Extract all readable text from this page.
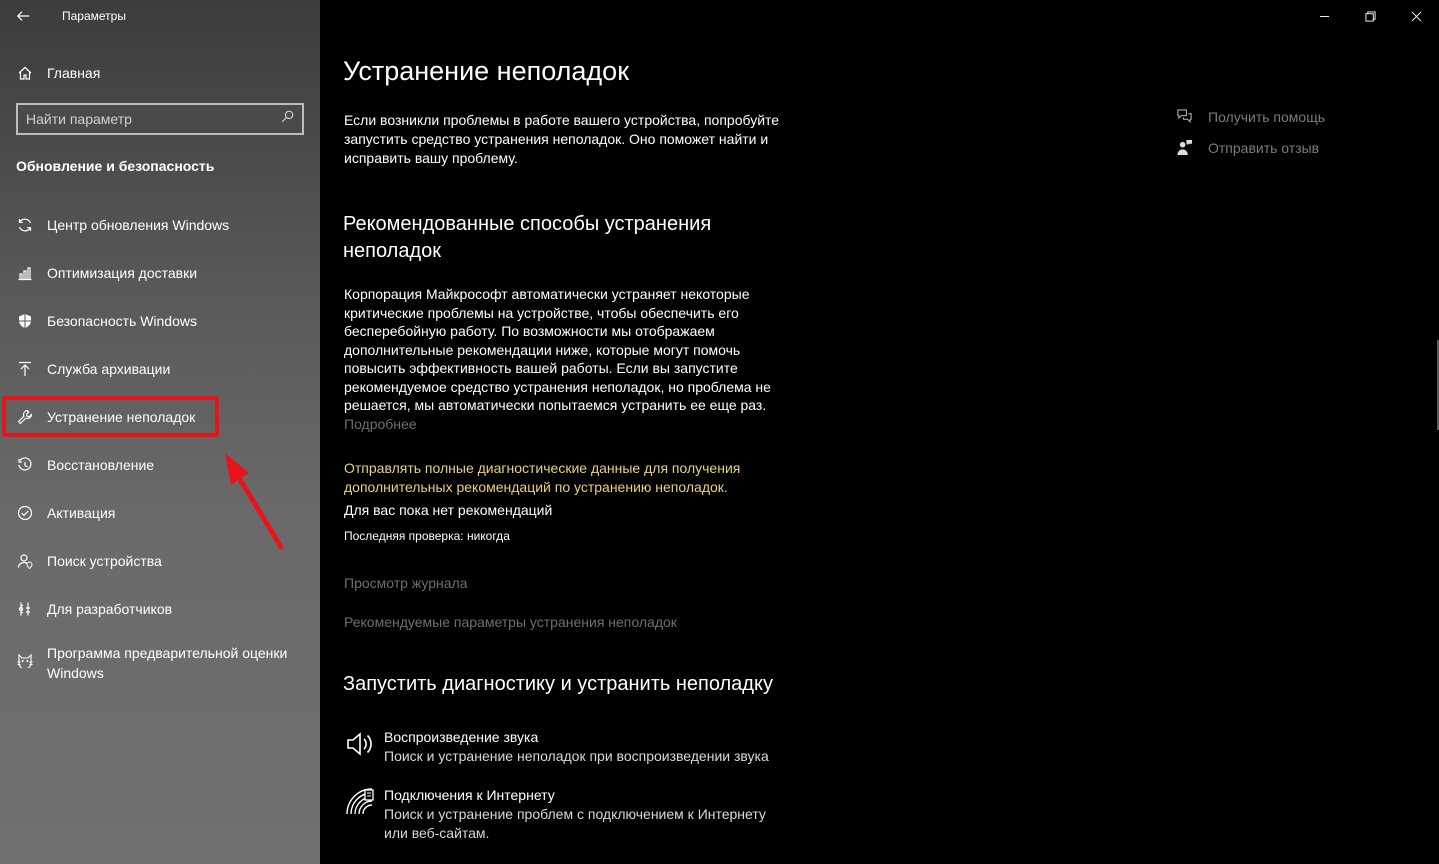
Параметры
Главная
Найти параметр
Обновление и безопасность
Центр обновления Windows
Оптимизация доставки
Безопасность Windows
Служба архивации
Устранение неполадок
Восстановление
Активация
Поиск устройства
Для разработчиков
Программа предварительной оценки Windows
Устранение неполадок

Если возникли проблемы в работе вашего устройства, попробуйте запустить средство устранения неполадок. Оно поможет найти и исправить вашу проблему.

Рекомендованные способы устранения неполадок

Корпорация Майкрософт автоматически устраняет некоторые критические проблемы на устройстве, чтобы обеспечить его бесперебойную работу. По возможности мы отображаем дополнительные рекомендации ниже, которые могут помочь повысить эффективность вашей работы. Если вы запустите рекомендуемое средство устранения неполадок, но проблема не решается, мы автоматически попытаемся устранить ее еще раз.

Подробнее
Отправлять полные диагностические данные для получения дополнительных рекомендаций по устранению неполадок.
Для вас пока нет рекомендаций
Последняя проверка: никогда
Просмотр журнала
Рекомендуемые параметры устранения неполадок
Запустить диагностику и устранить неполадку
Воспроизведение звука
Поиск и устранение неполадок при воспроизведении звука
Подключения к Интернету
Поиск и устранение проблем с подключением к Интернету или веб-сайтам.
Получить помощь
Отправить отзыв
